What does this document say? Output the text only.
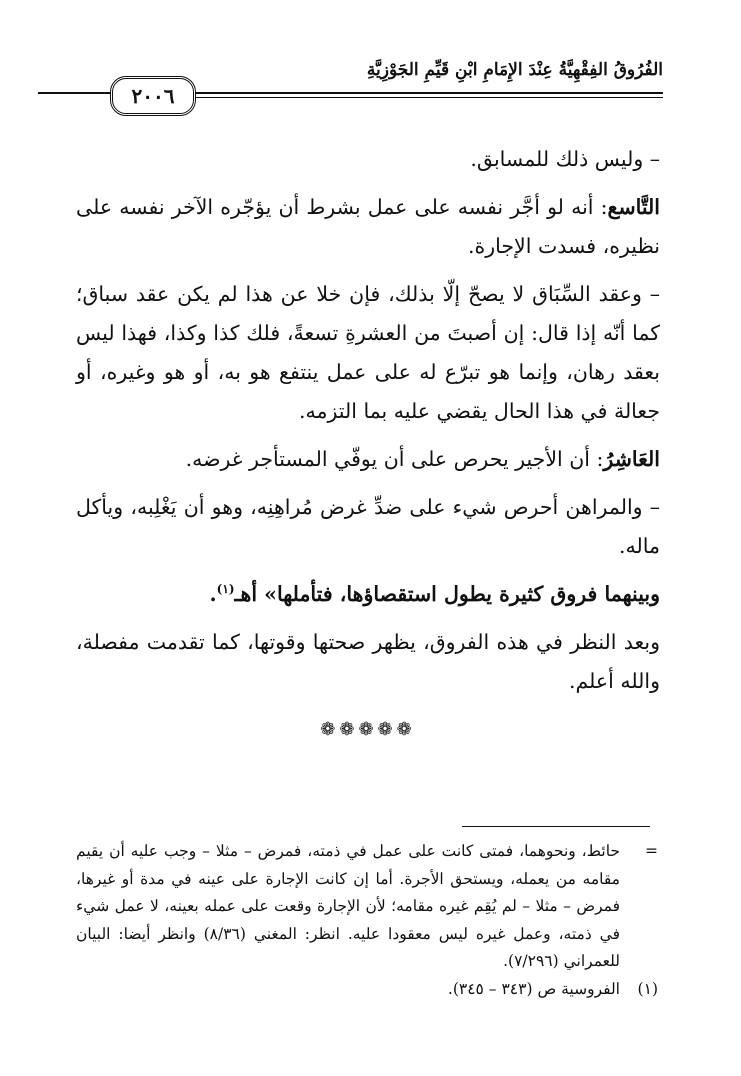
٢٠٠٦
الفُرُوقُ الفِقْهِيَّةُ عِنْدَ الإِمَامِ ابْنِ قَيِّمِ الجَوْزِيَّةِ

– وليس ذلك للمسابق.

التَّاسع: أنه لو أجَّر نفسه على عمل بشرط أن يؤجّره الآخر نفسه على نظيره، فسدت الإجارة.

– وعقد السِّبَاق لا يصحّ إلّا بذلك، فإن خلا عن هذا لم يكن عقد سباق؛ كما أنّه إذا قال: إن أصبتَ من العشرةِ تسعةً، فلك كذا وكذا، فهذا ليس بعقد رهان، وإنما هو تبرّع له على عمل ينتفع هو به، أو هو وغيره، أو جعالة في هذا الحال يقضي عليه بما التزمه.

العَاشِرُ: أن الأجير يحرص على أن يوفّي المستأجر غرضه.

– والمراهن أحرص شيء على ضدِّ غرض مُراهِنِه، وهو أن يَغْلِبه، ويأكل ماله.

وبينهما فروق كثيرة يطول استقصاؤها، فتأملها» أهـ$^{(١)}$.

وبعد النظر في هذه الفروق، يظهر صحتها وقوتها، كما تقدمت مفصلة، والله أعلم.

❁❁❁❁❁
=
حائط، ونحوهما، فمتى كانت على عمل في ذمته، فمرض – مثلا – وجب عليه أن يقيم مقامه من يعمله، ويستحق الأجرة. أما إن كانت الإجارة على عينه في مدة أو غيرها، فمرض – مثلا – لم يُقِم غيره مقامه؛ لأن الإجارة وقعت على عمله بعينه، لا عمل شيء في ذمته، وعمل غيره ليس معقودا عليه. انظر: المغني (٨/٣٦) وانظر أيضا: البيان للعمراني (٧/٢٩٦).
(١)
الفروسية ص (٣٤٣ – ٣٤٥).
